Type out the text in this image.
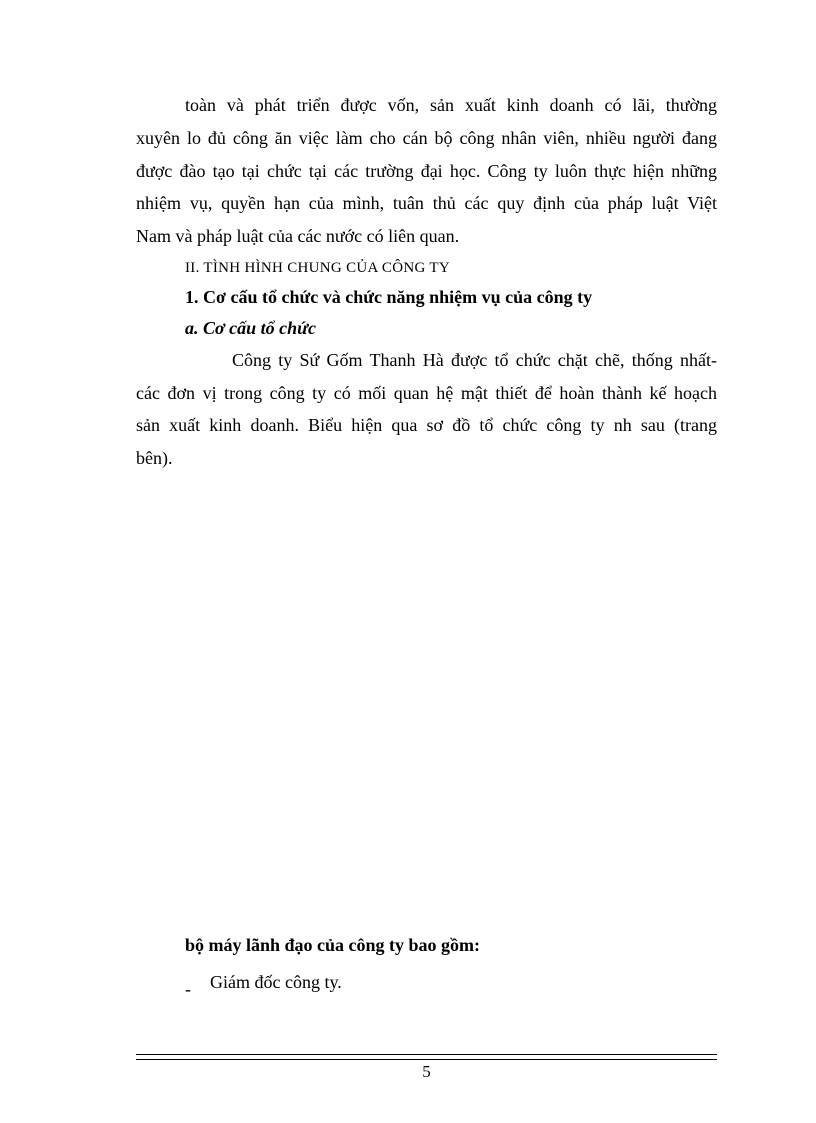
toàn và phát triển được vốn, sản xuất kinh doanh có lãi, thường
xuyên lo đủ công ăn việc làm cho cán bộ công nhân viên, nhiều người đang
được đào tạo tại chức tại các trường đại học. Công ty luôn thực hiện những
nhiệm vụ, quyền hạn của mình, tuân thủ các quy định của pháp luật Việt
Nam và pháp luật của các nước có liên quan.
II. TÌNH HÌNH CHUNG CỦA CÔNG TY
1. Cơ cấu tổ chức và chức năng nhiệm vụ của công ty
a. Cơ cấu tổ chức
Công ty Sứ Gốm Thanh Hà được tổ chức chặt chẽ, thống nhất-
các đơn vị trong công ty có mối quan hệ mật thiết để hoàn thành kế hoạch
sản xuất kinh doanh. Biểu hiện qua sơ đồ tổ chức công ty nh sau (trang
bên).
bộ máy lãnh đạo của công ty bao gồm:
- Giám đốc công ty.
5
